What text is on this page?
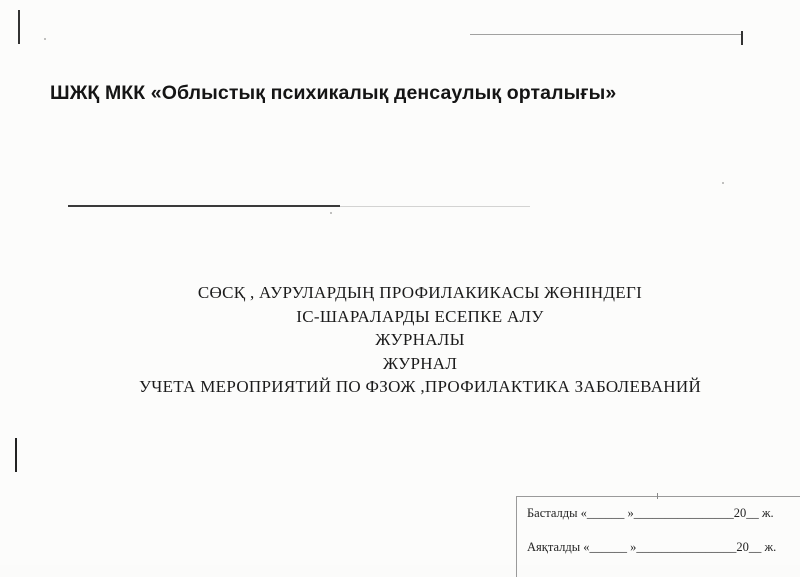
ШЖҚ МКК «Облыстық психикалық денсаулық орталығы»
СӨСҚ , АУРУЛАРДЫҢ ПРОФИЛАКИКАСЫ ЖӨНІНДЕГІ
ІС-ШАРАЛАРДЫ ЕСЕПКЕ АЛУ
ЖУРНАЛЫ
ЖУРНАЛ
УЧЕТА МЕРОПРИЯТИЙ ПО ФЗОЖ ,ПРОФИЛАКТИКА ЗАБОЛЕВАНИЙ
Басталды «______ »________________20__ ж.
Аяқталды «______ »________________20__ ж.
